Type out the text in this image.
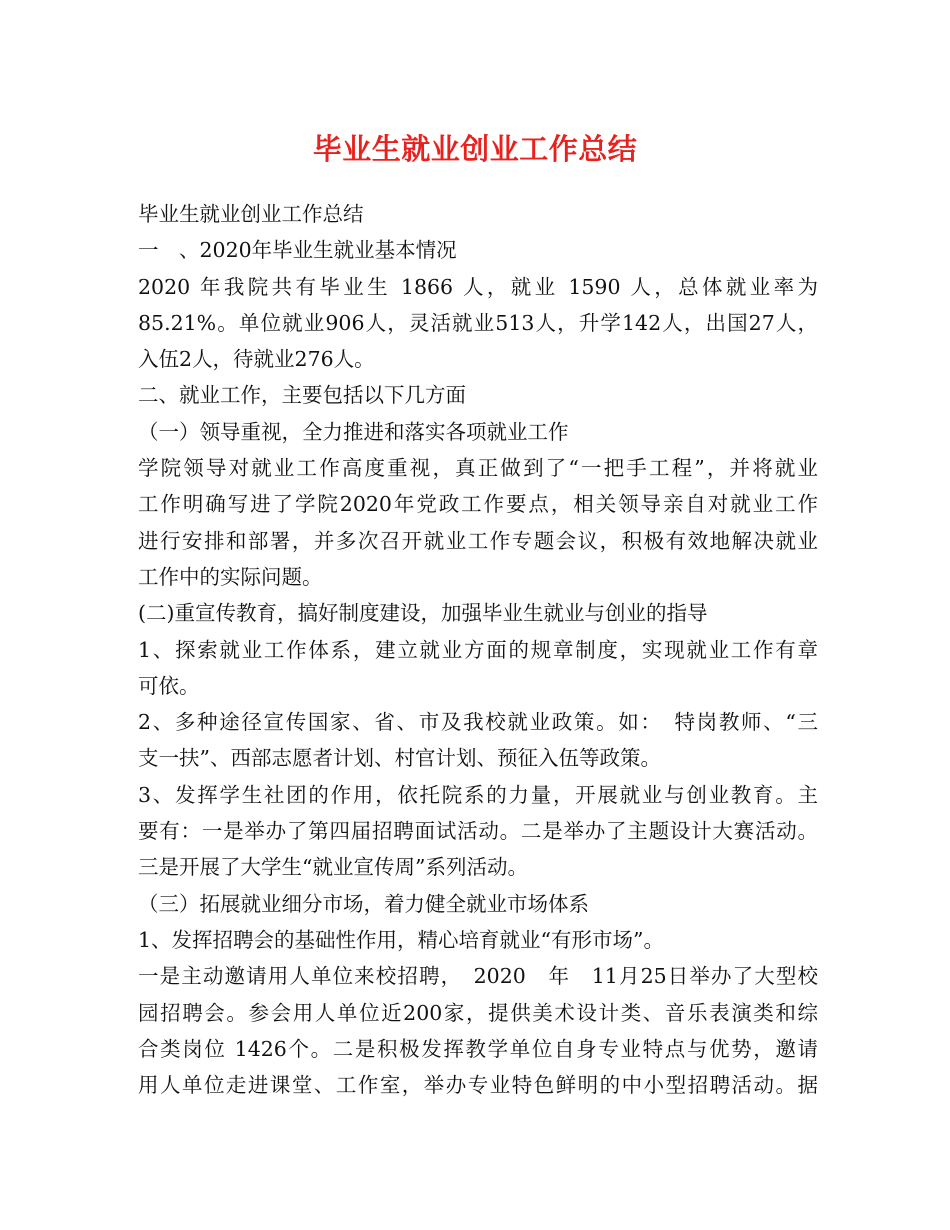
毕业生就业创业工作总结
毕业生就业创业工作总结
一　、2020年毕业生就业基本情况
2020 年我院共有毕业生 1866 人，就业 1590 人，总体就业率为
85.21%。单位就业906人，灵活就业513人，升学142人，出国27人，
入伍2人，待就业276人。
二、就业工作，主要包括以下几方面
（一）领导重视，全力推进和落实各项就业工作
学院领导对就业工作高度重视，真正做到了“一把手工程”，并将就业
工作明确写进了学院2020年党政工作要点，相关领导亲自对就业工作
进行安排和部署，并多次召开就业工作专题会议，积极有效地解决就业
工作中的实际问题。
(二)重宣传教育，搞好制度建设，加强毕业生就业与创业的指导
1、探索就业工作体系，建立就业方面的规章制度，实现就业工作有章
可依。
2、多种途径宣传国家、省、市及我校就业政策。如：　特岗教师、“三
支一扶”、西部志愿者计划、村官计划、预征入伍等政策。
3、发挥学生社团的作用，依托院系的力量，开展就业与创业教育。主
要有：一是举办了第四届招聘面试活动。二是举办了主题设计大赛活动。
三是开展了大学生“就业宣传周”系列活动。
（三）拓展就业细分市场，着力健全就业市场体系
1、发挥招聘会的基础性作用，精心培育就业“有形市场”。
一是主动邀请用人单位来校招聘，　2020　年　11月25日举办了大型校
园招聘会。参会用人单位近200家，提供美术设计类、音乐表演类和综
合类岗位 1426个。二是积极发挥教学单位自身专业特点与优势，邀请
用人单位走进课堂、工作室，举办专业特色鲜明的中小型招聘活动。据
